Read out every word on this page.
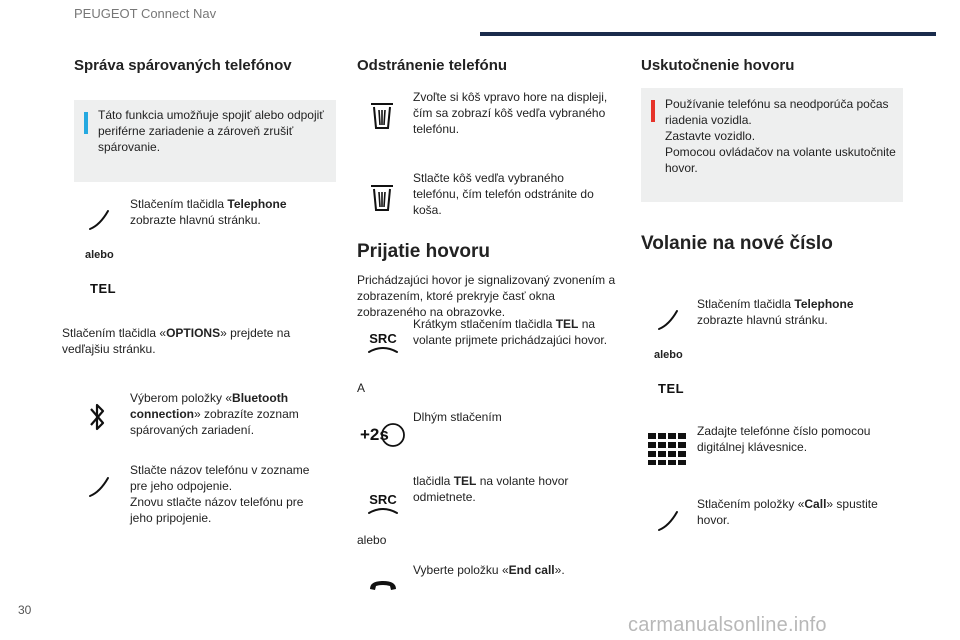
PEUGEOT Connect Nav
Správa spárovaných telefónov
Táto funkcia umožňuje spojiť alebo odpojiť periférne zariadenie a zároveň zrušiť spárovanie.
Stlačením tlačidla Telephone zobrazte hlavnú stránku.
alebo
TEL
Stlačením tlačidla «OPTIONS» prejdete na vedľajšiu stránku.
Výberom položky «Bluetooth connection» zobrazíte zoznam spárovaných zariadení.
Stlačte názov telefónu v zozname
pre jeho odpojenie.
Znovu stlačte názov telefónu pre
jeho pripojenie.
Odstránenie telefónu
Zvoľte si kôš vpravo hore na displeji, čím sa zobrazí kôš vedľa vybraného telefónu.
Stlačte kôš vedľa vybraného telefónu, čím telefón odstránite do koša.
Prijatie hovoru
Prichádzajúci hovor je signalizovaný zvonením a zobrazením, ktoré prekryje časť okna zobrazeného na obrazovke.
SRC
Krátkym stlačením tlačidla TEL na volante prijmete prichádzajúci hovor.
A
+2s
Dlhým stlačením
SRC
tlačidla TEL na volante hovor odmietnete.
alebo
Vyberte položku «End call».
Uskutočnenie hovoru
Používanie telefónu sa neodporúča počas riadenia vozidla.
Zastavte vozidlo.
Pomocou ovládačov na volante uskutočnite hovor.
Volanie na nové číslo
Stlačením tlačidla Telephone zobrazte hlavnú stránku.
alebo
TEL
Zadajte telefónne číslo pomocou digitálnej klávesnice.
Stlačením položky «Call» spustite hovor.
30
carmanualsonline.info
